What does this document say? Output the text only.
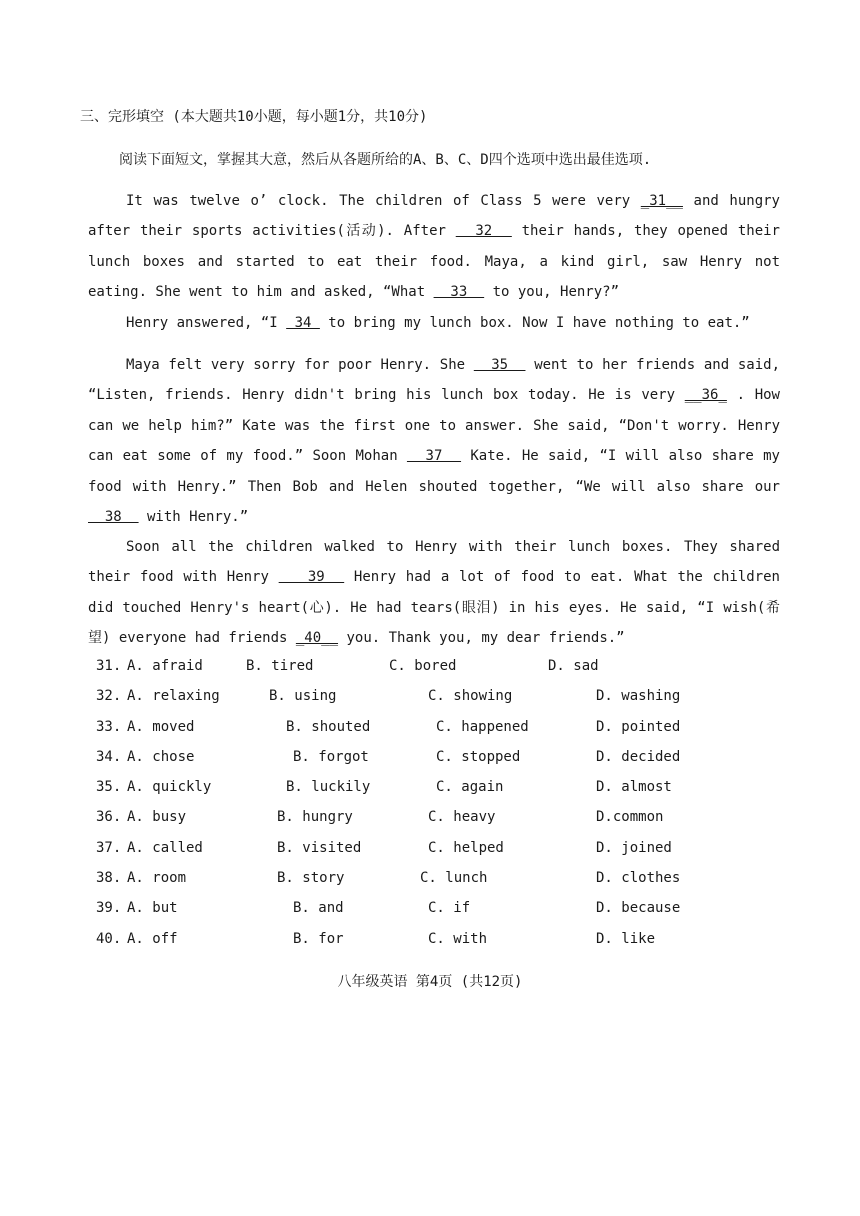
三、完形填空 (本大题共10小题，每小题1分，共10分)
阅读下面短文，掌握其大意，然后从各题所给的A、B、C、D四个选项中选出最佳选项.

It was twelve o’ clock. The children of Class 5 were very _31__ and hungry after their sports activities(活动). After   32   their hands, they opened their lunch boxes and started to eat their food. Maya, a kind girl, saw Henry not eating. She went to him and asked, “What   33   to you, Henry?”

Henry answered, “I  34  to bring my lunch box. Now I have nothing to eat.”

Maya felt very sorry for poor Henry. She   35   went to her friends and said, “Listen, friends. Henry didn't bring his lunch box today. He is very __36_ . How can we help him?” Kate was the first one to answer. She said, “Don't worry. Henry can eat some of my food.” Soon Mohan   37   Kate. He said, “I will also share my food with Henry.” Then Bob and Helen shouted together, “We will also share our   38   with Henry.”

Soon all the children walked to Henry with their lunch boxes. They shared their food with Henry    39   Henry had a lot of food to eat. What the children did touched Henry's heart(心). He had tears(眼泪) in his eyes. He said, “I wish(希望) everyone had friends _40__ you. Thank you, my dear friends.”

31. A. afraid	B. tired	C. bored	D. sad
32. A. relaxing	B. using	C. showing	D. washing
33. A. moved	B. shouted	C. happened	D. pointed
34. A. chose	B. forgot	C. stopped	D. decided
35. A. quickly	B. luckily	C. again	D. almost
36. A. busy	B. hungry	C. heavy	D.common
37. A. called	B. visited	C. helped	D. joined
38. A. room	B. story	C. lunch	D. clothes
39. A. but	B. and	C. if	D. because
40. A. off	B. for	C. with	D. like
八年级英语 第4页 (共12页)
